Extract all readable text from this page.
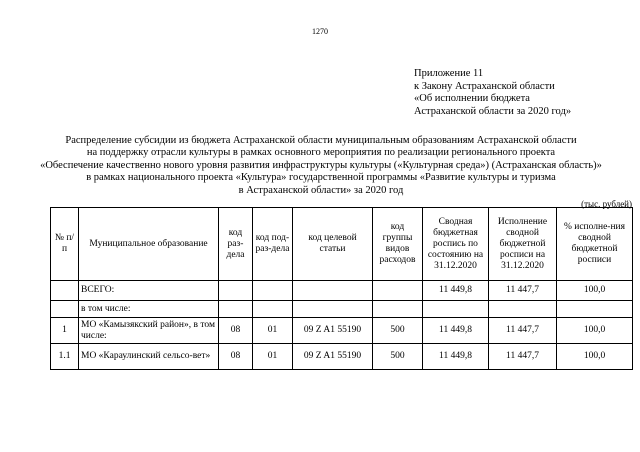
1270
Приложение 11
к Закону Астраханской области
«Об исполнении бюджета
Астраханской области за 2020 год»
Распределение субсидии из бюджета Астраханской области муниципальным образованиям Астраханской области
на поддержку отрасли культуры в рамках основного мероприятия по реализации регионального проекта
«Обеспечение качественно нового уровня развития инфраструктуры культуры («Культурная среда») (Астраханская область)»
в рамках национального проекта «Культура» государственной программы «Развитие культуры и туризма
в Астраханской области» за 2020 год
(тыс. рублей)
№ п/п	Муниципальное образование	код раз-дела	код под-раз-дела	код целевой статьи	код группы видов расходов	Сводная бюджетная роспись по состоянию на 31.12.2020	Исполнение сводной бюджетной росписи на 31.12.2020	% исполне-ния сводной бюджетной росписи
	ВСЕГО:					11 449,8	11 447,7	100,0
	в том числе:							
1	МО «Камызякский район», в том числе:	08	01	09 Z A1 55190	500	11 449,8	11 447,7	100,0
1.1	МО «Караулинский сельсо-вет»	08	01	09 Z A1 55190	500	11 449,8	11 447,7	100,0
